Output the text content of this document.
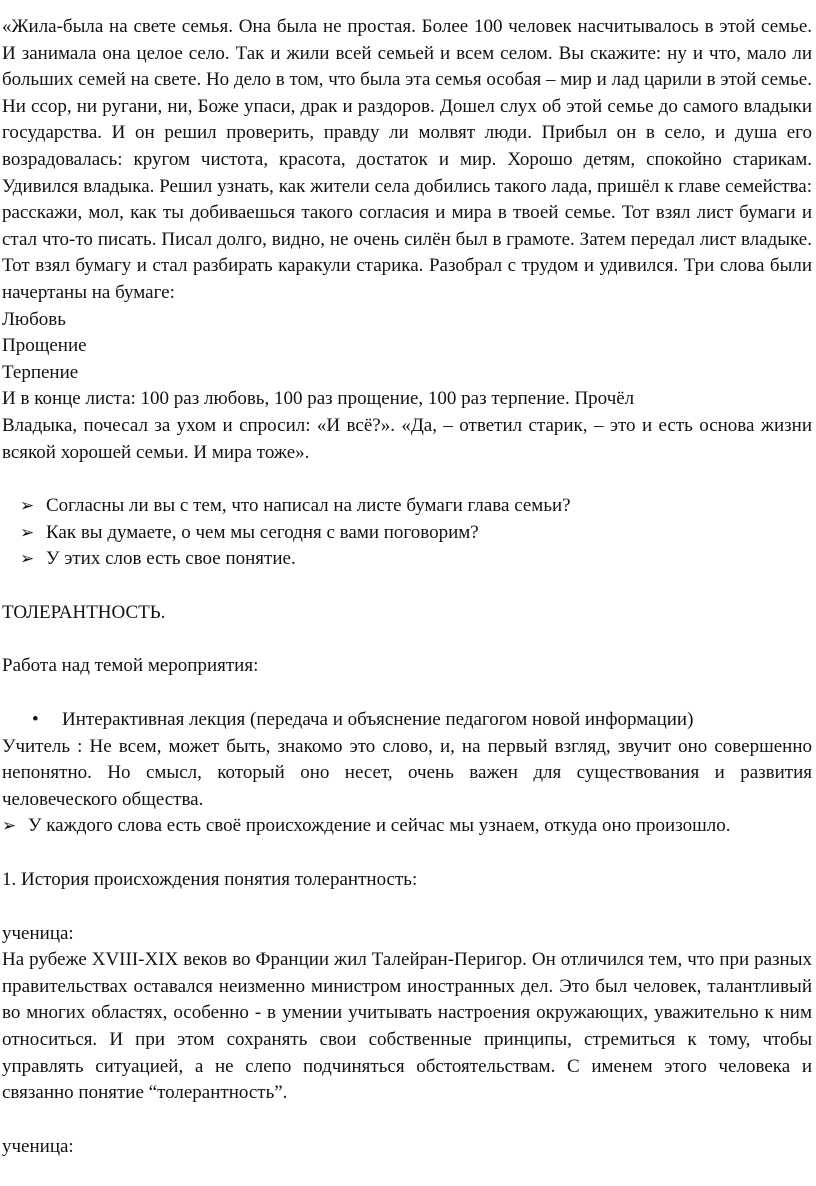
«Жила-была на свете семья. Она была не простая. Более 100 человек насчитывалось в этой семье. И занимала она целое село. Так и жили всей семьей и всем селом. Вы скажите: ну и что, мало ли больших семей на свете. Но дело в том, что была эта семья особая – мир и лад царили в этой семье. Ни ссор, ни ругани, ни, Боже упаси, драк и раздоров. Дошел слух об этой семье до самого владыки государства. И он решил проверить, правду ли молвят люди. Прибыл он в село, и душа его возрадовалась: кругом чистота, красота, достаток и мир. Хорошо детям, спокойно старикам. Удивился владыка. Решил узнать, как жители села добились такого лада, пришёл к главе семейства: расскажи, мол, как ты добиваешься такого согласия и мира в твоей семье. Тот взял лист бумаги и стал что-то писать. Писал долго, видно, не очень силён был в грамоте. Затем передал лист владыке. Тот взял бумагу и стал разбирать каракули старика. Разобрал с трудом и удивился. Три слова были начертаны на бумаге:

Любовь

Прощение

Терпение

И в конце листа: 100 раз любовь, 100 раз прощение, 100 раз терпение. Прочёл

Владыка, почесал за ухом и спросил: «И всё?». «Да, – ответил старик, – это и есть основа жизни всякой хорошей семьи. И мира тоже».

➢ Согласны ли вы с тем, что написал на листе бумаги глава семьи?
➢ Как вы думаете, о чем мы сегодня с вами поговорим?
➢ У этих слов есть свое понятие.

ТОЛЕРАНТНОСТЬ.

Работа над темой мероприятия:

• Интерактивная лекция (передача и объяснение педагогом новой информации)

Учитель : Не всем, может быть, знакомо это слово, и, на первый взгляд, звучит оно совершенно непонятно. Но смысл, который оно несет, очень важен для существования и развития человеческого общества.

➢ У каждого слова есть своё происхождение и сейчас мы узнаем, откуда оно произошло.

1. История происхождения понятия толерантность:

ученица:

На рубеже XVIII-XIX веков во Франции жил Талейран-Перигор. Он отличился тем, что при разных правительствах оставался неизменно министром иностранных дел. Это был человек, талантливый во многих областях, особенно - в умении учитывать настроения окружающих, уважительно к ним относиться. И при этом сохранять свои собственные принципы, стремиться к тому, чтобы управлять ситуацией, а не слепо подчиняться обстоятельствам. С именем этого человека и связанно понятие “толерантность”.

ученица:
